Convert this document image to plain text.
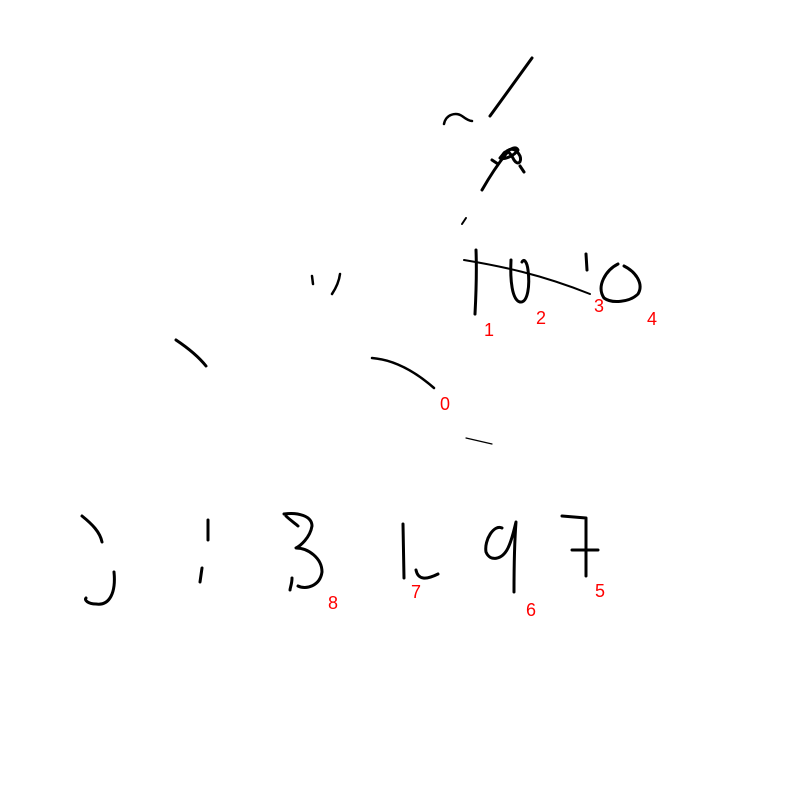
0
1
2
3
4
5
6
7
8
